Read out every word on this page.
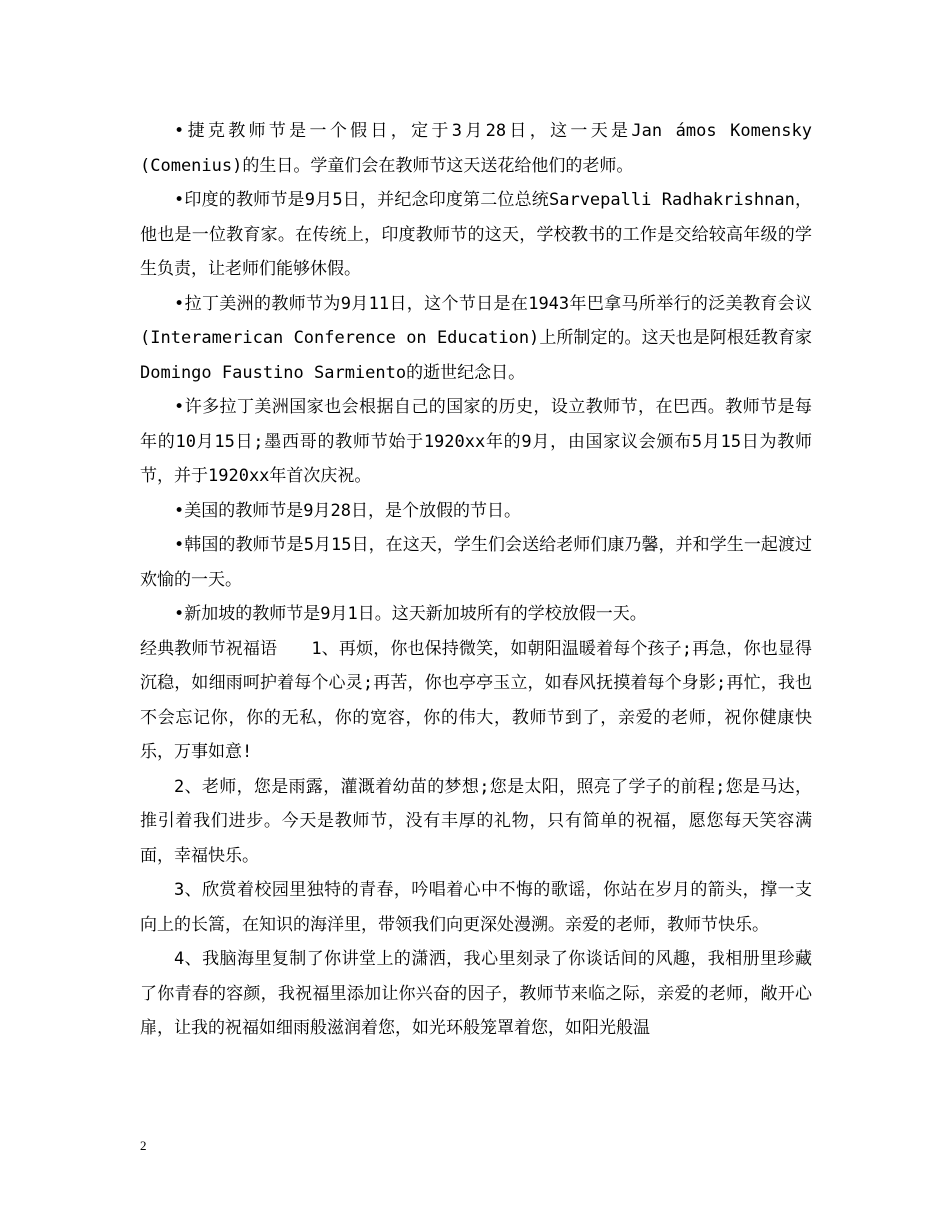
•捷克教师节是一个假日，定于3月28日，这一天是Jan ámos Komensky (Comenius)的生日。学童们会在教师节这天送花给他们的老师。

•印度的教师节是9月5日，并纪念印度第二位总统Sarvepalli Radhakrishnan，他也是一位教育家。在传统上，印度教师节的这天，学校教书的工作是交给较高年级的学生负责，让老师们能够休假。

•拉丁美洲的教师节为9月11日，这个节日是在1943年巴拿马所举行的泛美教育会议(Interamerican Conference on Education)上所制定的。这天也是阿根廷教育家Domingo Faustino Sarmiento的逝世纪念日。

•许多拉丁美洲国家也会根据自己的国家的历史，设立教师节，在巴西。教师节是每年的10月15日;墨西哥的教师节始于1920xx年的9月，由国家议会颁布5月15日为教师节，并于1920xx年首次庆祝。

•美国的教师节是9月28日，是个放假的节日。

•韩国的教师节是5月15日，在这天，学生们会送给老师们康乃馨，并和学生一起渡过欢愉的一天。

•新加坡的教师节是9月1日。这天新加坡所有的学校放假一天。

经典教师节祝福语　　1、再烦，你也保持微笑，如朝阳温暖着每个孩子;再急，你也显得沉稳，如细雨呵护着每个心灵;再苦，你也亭亭玉立，如春风抚摸着每个身影;再忙，我也不会忘记你，你的无私，你的宽容，你的伟大，教师节到了，亲爱的老师，祝你健康快乐，万事如意!

2、老师，您是雨露，灌溉着幼苗的梦想;您是太阳，照亮了学子的前程;您是马达，推引着我们进步。今天是教师节，没有丰厚的礼物，只有简单的祝福，愿您每天笑容满面，幸福快乐。

3、欣赏着校园里独特的青春，吟唱着心中不悔的歌谣，你站在岁月的箭头，撑一支向上的长篙，在知识的海洋里，带领我们向更深处漫溯。亲爱的老师，教师节快乐。

4、我脑海里复制了你讲堂上的潇洒，我心里刻录了你谈话间的风趣，我相册里珍藏了你青春的容颜，我祝福里添加让你兴奋的因子，教师节来临之际，亲爱的老师，敞开心扉，让我的祝福如细雨般滋润着您，如光环般笼罩着您，如阳光般温

2
